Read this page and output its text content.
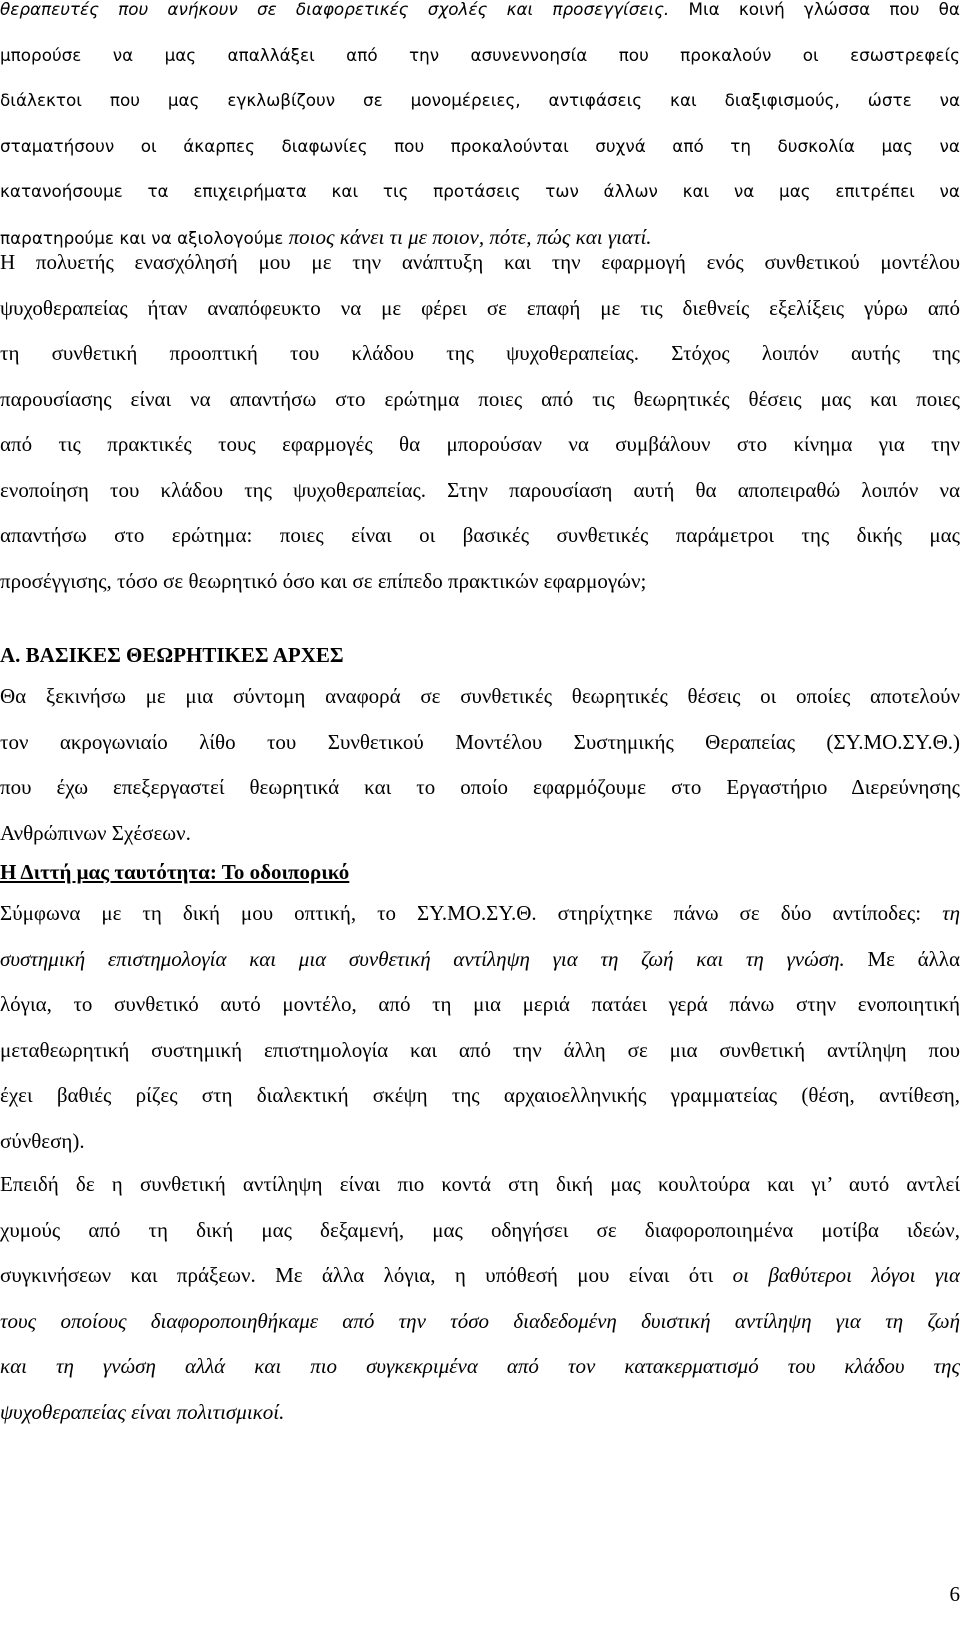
θεραπευτές που ανήκουν σε διαφορετικές σχολές και προσεγγίσεις. Μια κοινή γλώσσα που θα
μπορούσε να μας απαλλάξει από την ασυνεννοησία που προκαλούν οι εσωστρεφείς
διάλεκτοι που μας εγκλωβίζουν σε μονομέρειες, αντιφάσεις και διαξιφισμούς, ώστε να
σταματήσουν οι άκαρπες διαφωνίες που προκαλούνται συχνά από τη δυσκολία μας να
κατανοήσουμε τα επιχειρήματα και τις προτάσεις των άλλων και να μας επιτρέπει να
παρατηρούμε και να αξιολογούμε ποιος κάνει τι με ποιον, πότε, πώς και γιατί.
Η πολυετής ενασχόλησή μου με την ανάπτυξη και την εφαρμογή ενός συνθετικού μοντέλου
ψυχοθεραπείας ήταν αναπόφευκτο να με φέρει σε επαφή με τις διεθνείς εξελίξεις γύρω από
τη συνθετική προοπτική του κλάδου της ψυχοθεραπείας. Στόχος λοιπόν αυτής της
παρουσίασης είναι να απαντήσω στο ερώτημα ποιες από τις θεωρητικές θέσεις μας και ποιες
από τις πρακτικές τους εφαρμογές θα μπορούσαν να συμβάλουν στο κίνημα για την
ενοποίηση του κλάδου της ψυχοθεραπείας. Στην παρουσίαση αυτή θα αποπειραθώ λοιπόν να
απαντήσω στο ερώτημα: ποιες είναι οι βασικές συνθετικές παράμετροι της δικής μας
προσέγγισης, τόσο σε θεωρητικό όσο και σε επίπεδο πρακτικών εφαρμογών;
Α. ΒΑΣΙΚΕΣ ΘΕΩΡΗΤΙΚΕΣ ΑΡΧΕΣ
Θα ξεκινήσω με μια σύντομη αναφορά σε συνθετικές θεωρητικές θέσεις οι οποίες αποτελούν
τον ακρογωνιαίο λίθο του Συνθετικού Μοντέλου Συστημικής Θεραπείας (ΣΥ.ΜΟ.ΣΥ.Θ.)
που έχω επεξεργαστεί θεωρητικά και το οποίο εφαρμόζουμε στο Εργαστήριο Διερεύνησης
Ανθρώπινων Σχέσεων.
Η Διττή μας ταυτότητα: Το οδοιπορικό
Σύμφωνα με τη δική μου οπτική, το ΣΥ.ΜΟ.ΣΥ.Θ. στηρίχτηκε πάνω σε δύο αντίποδες: τη
συστημική επιστημολογία και μια συνθετική αντίληψη για τη ζωή και τη γνώση. Με άλλα
λόγια, το συνθετικό αυτό μοντέλο, από τη μια μεριά πατάει γερά πάνω στην ενοποιητική
μεταθεωρητική συστημική επιστημολογία και από την άλλη σε μια συνθετική αντίληψη που
έχει βαθιές ρίζες στη διαλεκτική σκέψη της αρχαιοελληνικής γραμματείας (θέση, αντίθεση,
σύνθεση).
Επειδή δε η συνθετική αντίληψη είναι πιο κοντά στη δική μας κουλτούρα και γι’ αυτό αντλεί
χυμούς από τη δική μας δεξαμενή, μας οδηγήσει σε διαφοροποιημένα μοτίβα ιδεών,
συγκινήσεων και πράξεων. Με άλλα λόγια, η υπόθεσή μου είναι ότι οι βαθύτεροι λόγοι για
τους οποίους διαφοροποιηθήκαμε από την τόσο διαδεδομένη δυιστική αντίληψη για τη ζωή
και τη γνώση αλλά και πιο συγκεκριμένα από τον κατακερματισμό του κλάδου της
ψυχοθεραπείας είναι πολιτισμικοί.
6
